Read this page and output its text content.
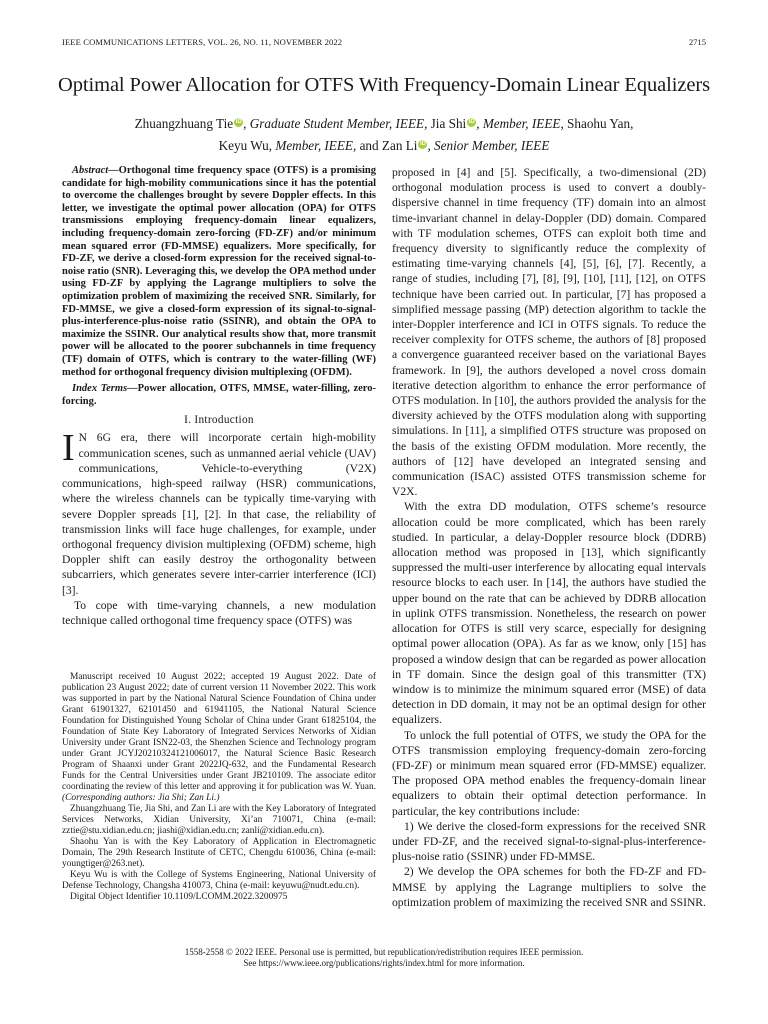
IEEE COMMUNICATIONS LETTERS, VOL. 26, NO. 11, NOVEMBER 2022	2715
Optimal Power Allocation for OTFS With Frequency-Domain Linear Equalizers
Zhuangzhuang Tie iD , Graduate Student Member, IEEE, Jia Shi iD , Member, IEEE, Shaohu Yan,
Keyu Wu, Member, IEEE, and Zan Li iD , Senior Member, IEEE

Abstract—Orthogonal time frequency space (OTFS) is a promising candidate for high-mobility communications since it has the potential to overcome the challenges brought by severe Doppler effects. In this letter, we investigate the optimal power allocation (OPA) for OTFS transmissions employing frequency-domain linear equalizers, including frequency-domain zero-forcing (FD-ZF) and/or minimum mean squared error (FD-MMSE) equalizers. More specifically, for FD-ZF, we derive a closed-form expression for the received signal-to-noise ratio (SNR). Leveraging this, we develop the OPA method under using FD-ZF by applying the Lagrange multipliers to solve the optimization problem of maximizing the received SNR. Similarly, for FD-MMSE, we give a closed-form expression of its signal-to-signal-plus-interference-plus-noise ratio (SSINR), and obtain the OPA to maximize the SSINR. Our analytical results show that, more transmit power will be allocated to the poorer subchannels in time frequency (TF) domain of OTFS, which is contrary to the water-filling (WF) method for orthogonal frequency division multiplexing (OFDM).

Index Terms—Power allocation, OTFS, MMSE, water-filling, zero-forcing.

I. Introduction

I N 6G era, there will incorporate certain high-mobility communication scenes, such as unmanned aerial vehicle (UAV) communications, Vehicle-to-everything (V2X) communications, high-speed railway (HSR) communications, where the wireless channels can be typically time-varying with severe Doppler spreads [1], [2]. In that case, the reliability of transmission links will face huge challenges, for example, under orthogonal frequency division multiplexing (OFDM) scheme, high Doppler shift can easily destroy the orthogonality between subcarriers, which generates severe inter-carrier interference (ICI) [3].

To cope with time-varying channels, a new modulation technique called orthogonal time frequency space (OTFS) was

Manuscript received 10 August 2022; accepted 19 August 2022. Date of publication 23 August 2022; date of current version 11 November 2022. This work was supported in part by the National Natural Science Foundation of China under Grant 61901327, 62101450 and 61941105, the National Natural Science Foundation for Distinguished Young Scholar of China under Grant 61825104, the Foundation of State Key Laboratory of Integrated Services Networks of Xidian University under Grant ISN22-03, the Shenzhen Science and Technology program under Grant JCYJ20210324121006017, the Natural Science Basic Research Program of Shaanxi under Grant 2022JQ-632, and the Fundamental Research Funds for the Central Universities under Grant JB210109. The associate editor coordinating the review of this letter and approving it for publication was W. Yuan. (Corresponding authors: Jia Shi; Zan Li.)

Zhuangzhuang Tie, Jia Shi, and Zan Li are with the Key Laboratory of Integrated Services Networks, Xidian University, Xi’an 710071, China (e-mail: zztie@stu.xidian.edu.cn; jiashi@xidian.edu.cn; zanli@xidian.edu.cn).

Shaohu Yan is with the Key Laboratory of Application in Electromagnetic Domain, The 29th Research Institute of CETC, Chengdu 610036, China (e-mail: youngtiger@263.net).

Keyu Wu is with the College of Systems Engineering, National University of Defense Technology, Changsha 410073, China (e-mail: keyuwu@nudt.edu.cn).

Digital Object Identifier 10.1109/LCOMM.2022.3200975

proposed in [4] and [5]. Specifically, a two-dimensional (2D) orthogonal modulation process is used to convert a doubly-dispersive channel in time frequency (TF) domain into an almost time-invariant channel in delay-Doppler (DD) domain. Compared with TF modulation schemes, OTFS can exploit both time and frequency diversity to significantly reduce the complexity of estimating time-varying channels [4], [5], [6], [7]. Recently, a range of studies, including [7], [8], [9], [10], [11], [12], on OTFS technique have been carried out. In particular, [7] has proposed a simplified message passing (MP) detection algorithm to tackle the inter-Doppler interference and ICI in OTFS signals. To reduce the receiver complexity for OTFS scheme, the authors of [8] proposed a convergence guaranteed receiver based on the variational Bayes framework. In [9], the authors developed a novel cross domain iterative detection algorithm to enhance the error performance of OTFS modulation. In [10], the authors provided the analysis for the diversity achieved by the OTFS modulation along with supporting simulations. In [11], a simplified OTFS structure was proposed on the basis of the existing OFDM modulation. More recently, the authors of [12] have developed an integrated sensing and communication (ISAC) assisted OTFS transmission scheme for V2X.

With the extra DD modulation, OTFS scheme’s resource allocation could be more complicated, which has been rarely studied. In particular, a delay-Doppler resource block (DDRB) allocation method was proposed in [13], which significantly suppressed the multi-user interference by allocating equal intervals resource blocks to each user. In [14], the authors have studied the upper bound on the rate that can be achieved by DDRB allocation in uplink OTFS transmission. Nonetheless, the research on power allocation for OTFS is still very scarce, especially for designing optimal power allocation (OPA). As far as we know, only [15] has proposed a window design that can be regarded as power allocation in TF domain. Since the design goal of this transmitter (TX) window is to minimize the minimum squared error (MSE) of data detection in DD domain, it may not be an optimal design for other equalizers.

To unlock the full potential of OTFS, we study the OPA for the OTFS transmission employing frequency-domain zero-forcing (FD-ZF) or minimum mean squared error (FD-MMSE) equalizer. The proposed OPA method enables the frequency-domain linear equalizers to obtain their optimal detection performance. In particular, the key contributions include:

1) We derive the closed-form expressions for the received SNR under FD-ZF, and the received signal-to-signal-plus-interference-plus-noise ratio (SSINR) under FD-MMSE.

2) We develop the OPA schemes for both the FD-ZF and FD-MMSE by applying the Lagrange multipliers to solve the optimization problem of maximizing the received SNR and SSINR.

1558-2558 © 2022 IEEE. Personal use is permitted, but republication/redistribution requires IEEE permission.
See https://www.ieee.org/publications/rights/index.html for more information.
